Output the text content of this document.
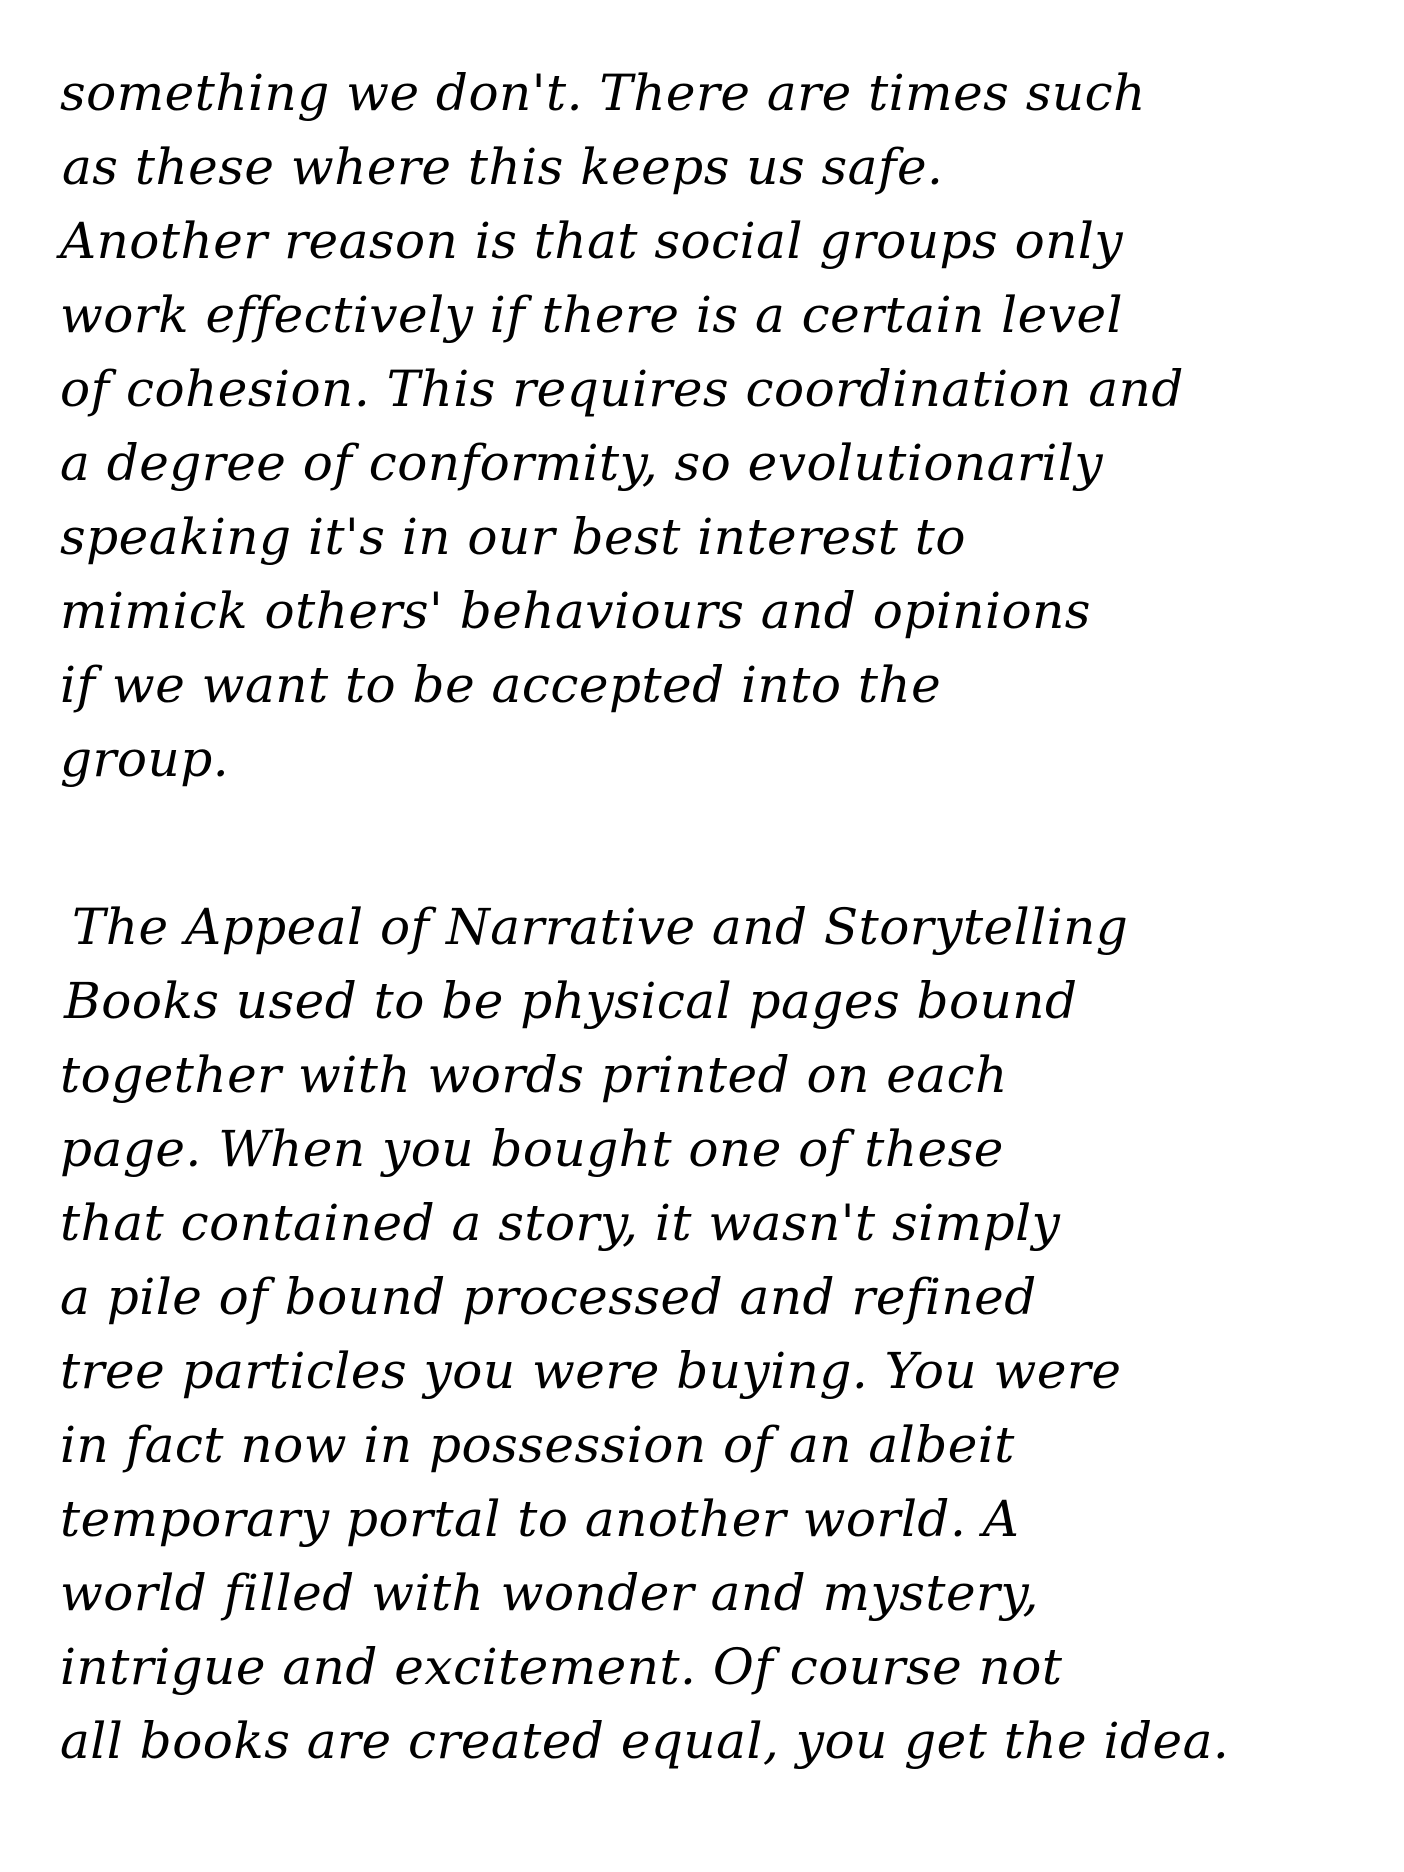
something we don't. There are times such
as these where this keeps us safe.
Another reason is that social groups only
work effectively if there is a certain level
of cohesion. This requires coordination and
a degree of conformity, so evolutionarily
speaking it's in our best interest to
mimick others' behaviours and opinions
if we want to be accepted into the
group.
The Appeal of Narrative and Storytelling
Books used to be physical pages bound
together with words printed on each
page. When you bought one of these
that contained a story, it wasn't simply
a pile of bound processed and refined
tree particles you were buying. You were
in fact now in possession of an albeit
temporary portal to another world. A
world filled with wonder and mystery,
intrigue and excitement. Of course not
all books are created equal, you get the idea.
